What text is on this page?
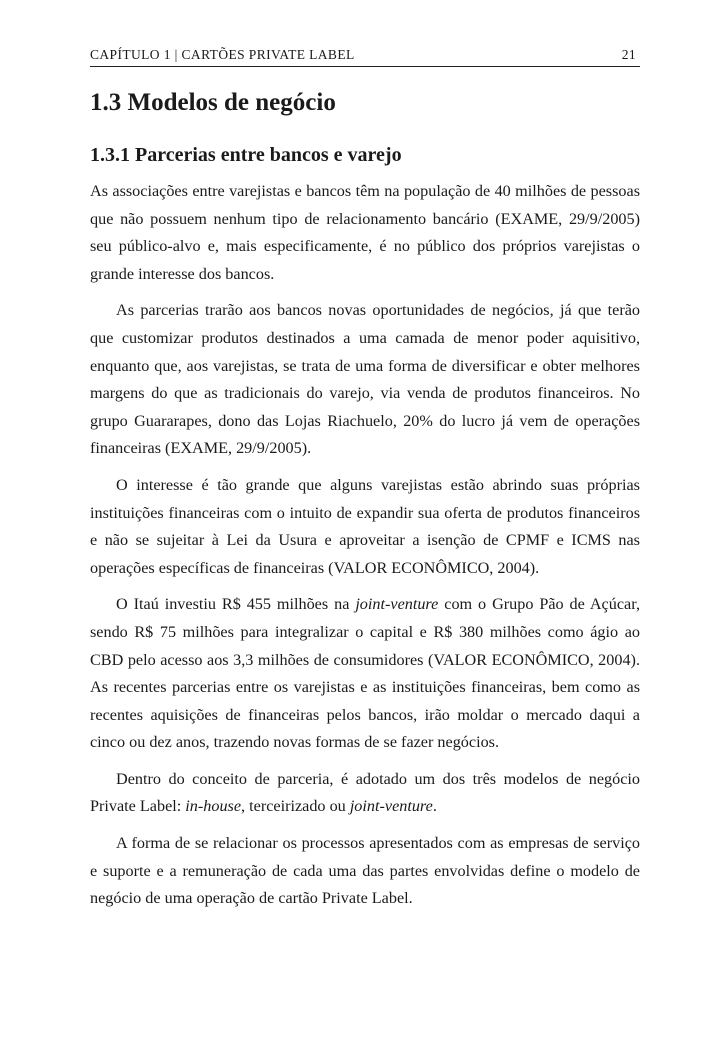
CAPÍTULO 1 | CARTÕES PRIVATE LABEL	21
1.3 Modelos de negócio
1.3.1 Parcerias entre bancos e varejo

As associações entre varejistas e bancos têm na população de 40 milhões de pessoas que não possuem nenhum tipo de relacionamento bancário (EXAME, 29/9/2005) seu público-alvo e, mais especificamente, é no público dos próprios varejistas o grande interesse dos bancos.

As parcerias trarão aos bancos novas oportunidades de negócios, já que terão que customizar produtos destinados a uma camada de menor poder aquisitivo, enquanto que, aos varejistas, se trata de uma forma de diversificar e obter melhores margens do que as tradicionais do varejo, via venda de produtos financeiros. No grupo Guararapes, dono das Lojas Riachuelo, 20% do lucro já vem de operações financeiras (EXAME, 29/9/2005).

O interesse é tão grande que alguns varejistas estão abrindo suas próprias instituições financeiras com o intuito de expandir sua oferta de produtos financeiros e não se sujeitar à Lei da Usura e aproveitar a isenção de CPMF e ICMS nas operações específicas de financeiras (VALOR ECONÔMICO, 2004).

O Itaú investiu R$ 455 milhões na joint-venture com o Grupo Pão de Açúcar, sendo R$ 75 milhões para integralizar o capital e R$ 380 milhões como ágio ao CBD pelo acesso aos 3,3 milhões de consumidores (VALOR ECONÔMICO, 2004). As recentes parcerias entre os varejistas e as instituições financeiras, bem como as recentes aquisições de financeiras pelos bancos, irão moldar o mercado daqui a cinco ou dez anos, trazendo novas formas de se fazer negócios.

Dentro do conceito de parceria, é adotado um dos três modelos de negócio Private Label: in-house, terceirizado ou joint-venture.

A forma de se relacionar os processos apresentados com as empresas de serviço e suporte e a remuneração de cada uma das partes envolvidas define o modelo de negócio de uma operação de cartão Private Label.
